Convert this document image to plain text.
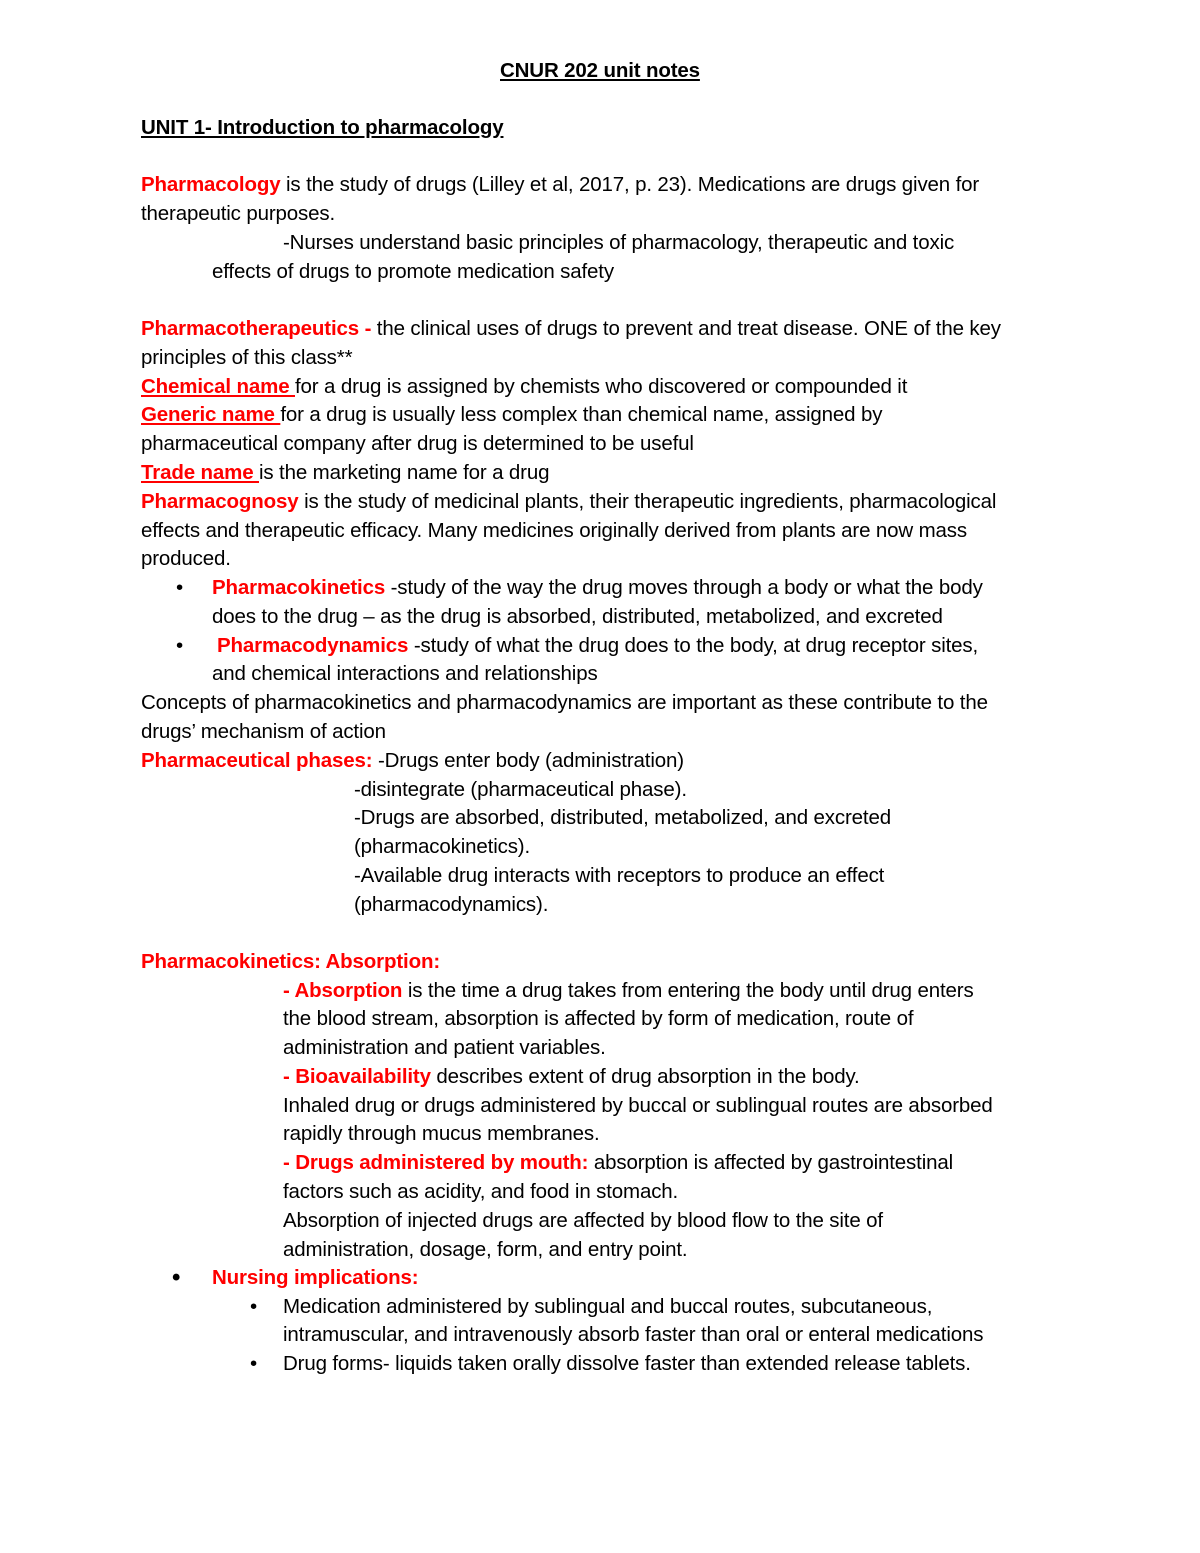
CNUR 202 unit notes
UNIT 1- Introduction to pharmacology
Pharmacology is the study of drugs (Lilley et al, 2017, p. 23). Medications are drugs given for
therapeutic purposes.
-Nurses understand basic principles of pharmacology, therapeutic and toxic
effects of drugs to promote medication safety
Pharmacotherapeutics - the clinical uses of drugs to prevent and treat disease. ONE of the key
principles of this class**
Chemical name for a drug is assigned by chemists who discovered or compounded it
Generic name for a drug is usually less complex than chemical name, assigned by
pharmaceutical company after drug is determined to be useful
Trade name is the marketing name for a drug
Pharmacognosy is the study of medicinal plants, their therapeutic ingredients, pharmacological
effects and therapeutic efficacy. Many medicines originally derived from plants are now mass
produced.
• Pharmacokinetics -study of the way the drug moves through a body or what the body
does to the drug – as the drug is absorbed, distributed, metabolized, and excreted
• Pharmacodynamics -study of what the drug does to the body, at drug receptor sites,
and chemical interactions and relationships
Concepts of pharmacokinetics and pharmacodynamics are important as these contribute to the
drugs’ mechanism of action
Pharmaceutical phases: -Drugs enter body (administration)
-disintegrate (pharmaceutical phase).
-Drugs are absorbed, distributed, metabolized, and excreted
(pharmacokinetics).
-Available drug interacts with receptors to produce an effect
(pharmacodynamics).
Pharmacokinetics: Absorption:
- Absorption is the time a drug takes from entering the body until drug enters
the blood stream, absorption is affected by form of medication, route of
administration and patient variables.
- Bioavailability describes extent of drug absorption in the body.
Inhaled drug or drugs administered by buccal or sublingual routes are absorbed
rapidly through mucus membranes.
- Drugs administered by mouth: absorption is affected by gastrointestinal
factors such as acidity, and food in stomach.
Absorption of injected drugs are affected by blood flow to the site of
administration, dosage, form, and entry point.
• Nursing implications:
• Medication administered by sublingual and buccal routes, subcutaneous,
intramuscular, and intravenously absorb faster than oral or enteral medications
• Drug forms- liquids taken orally dissolve faster than extended release tablets.
